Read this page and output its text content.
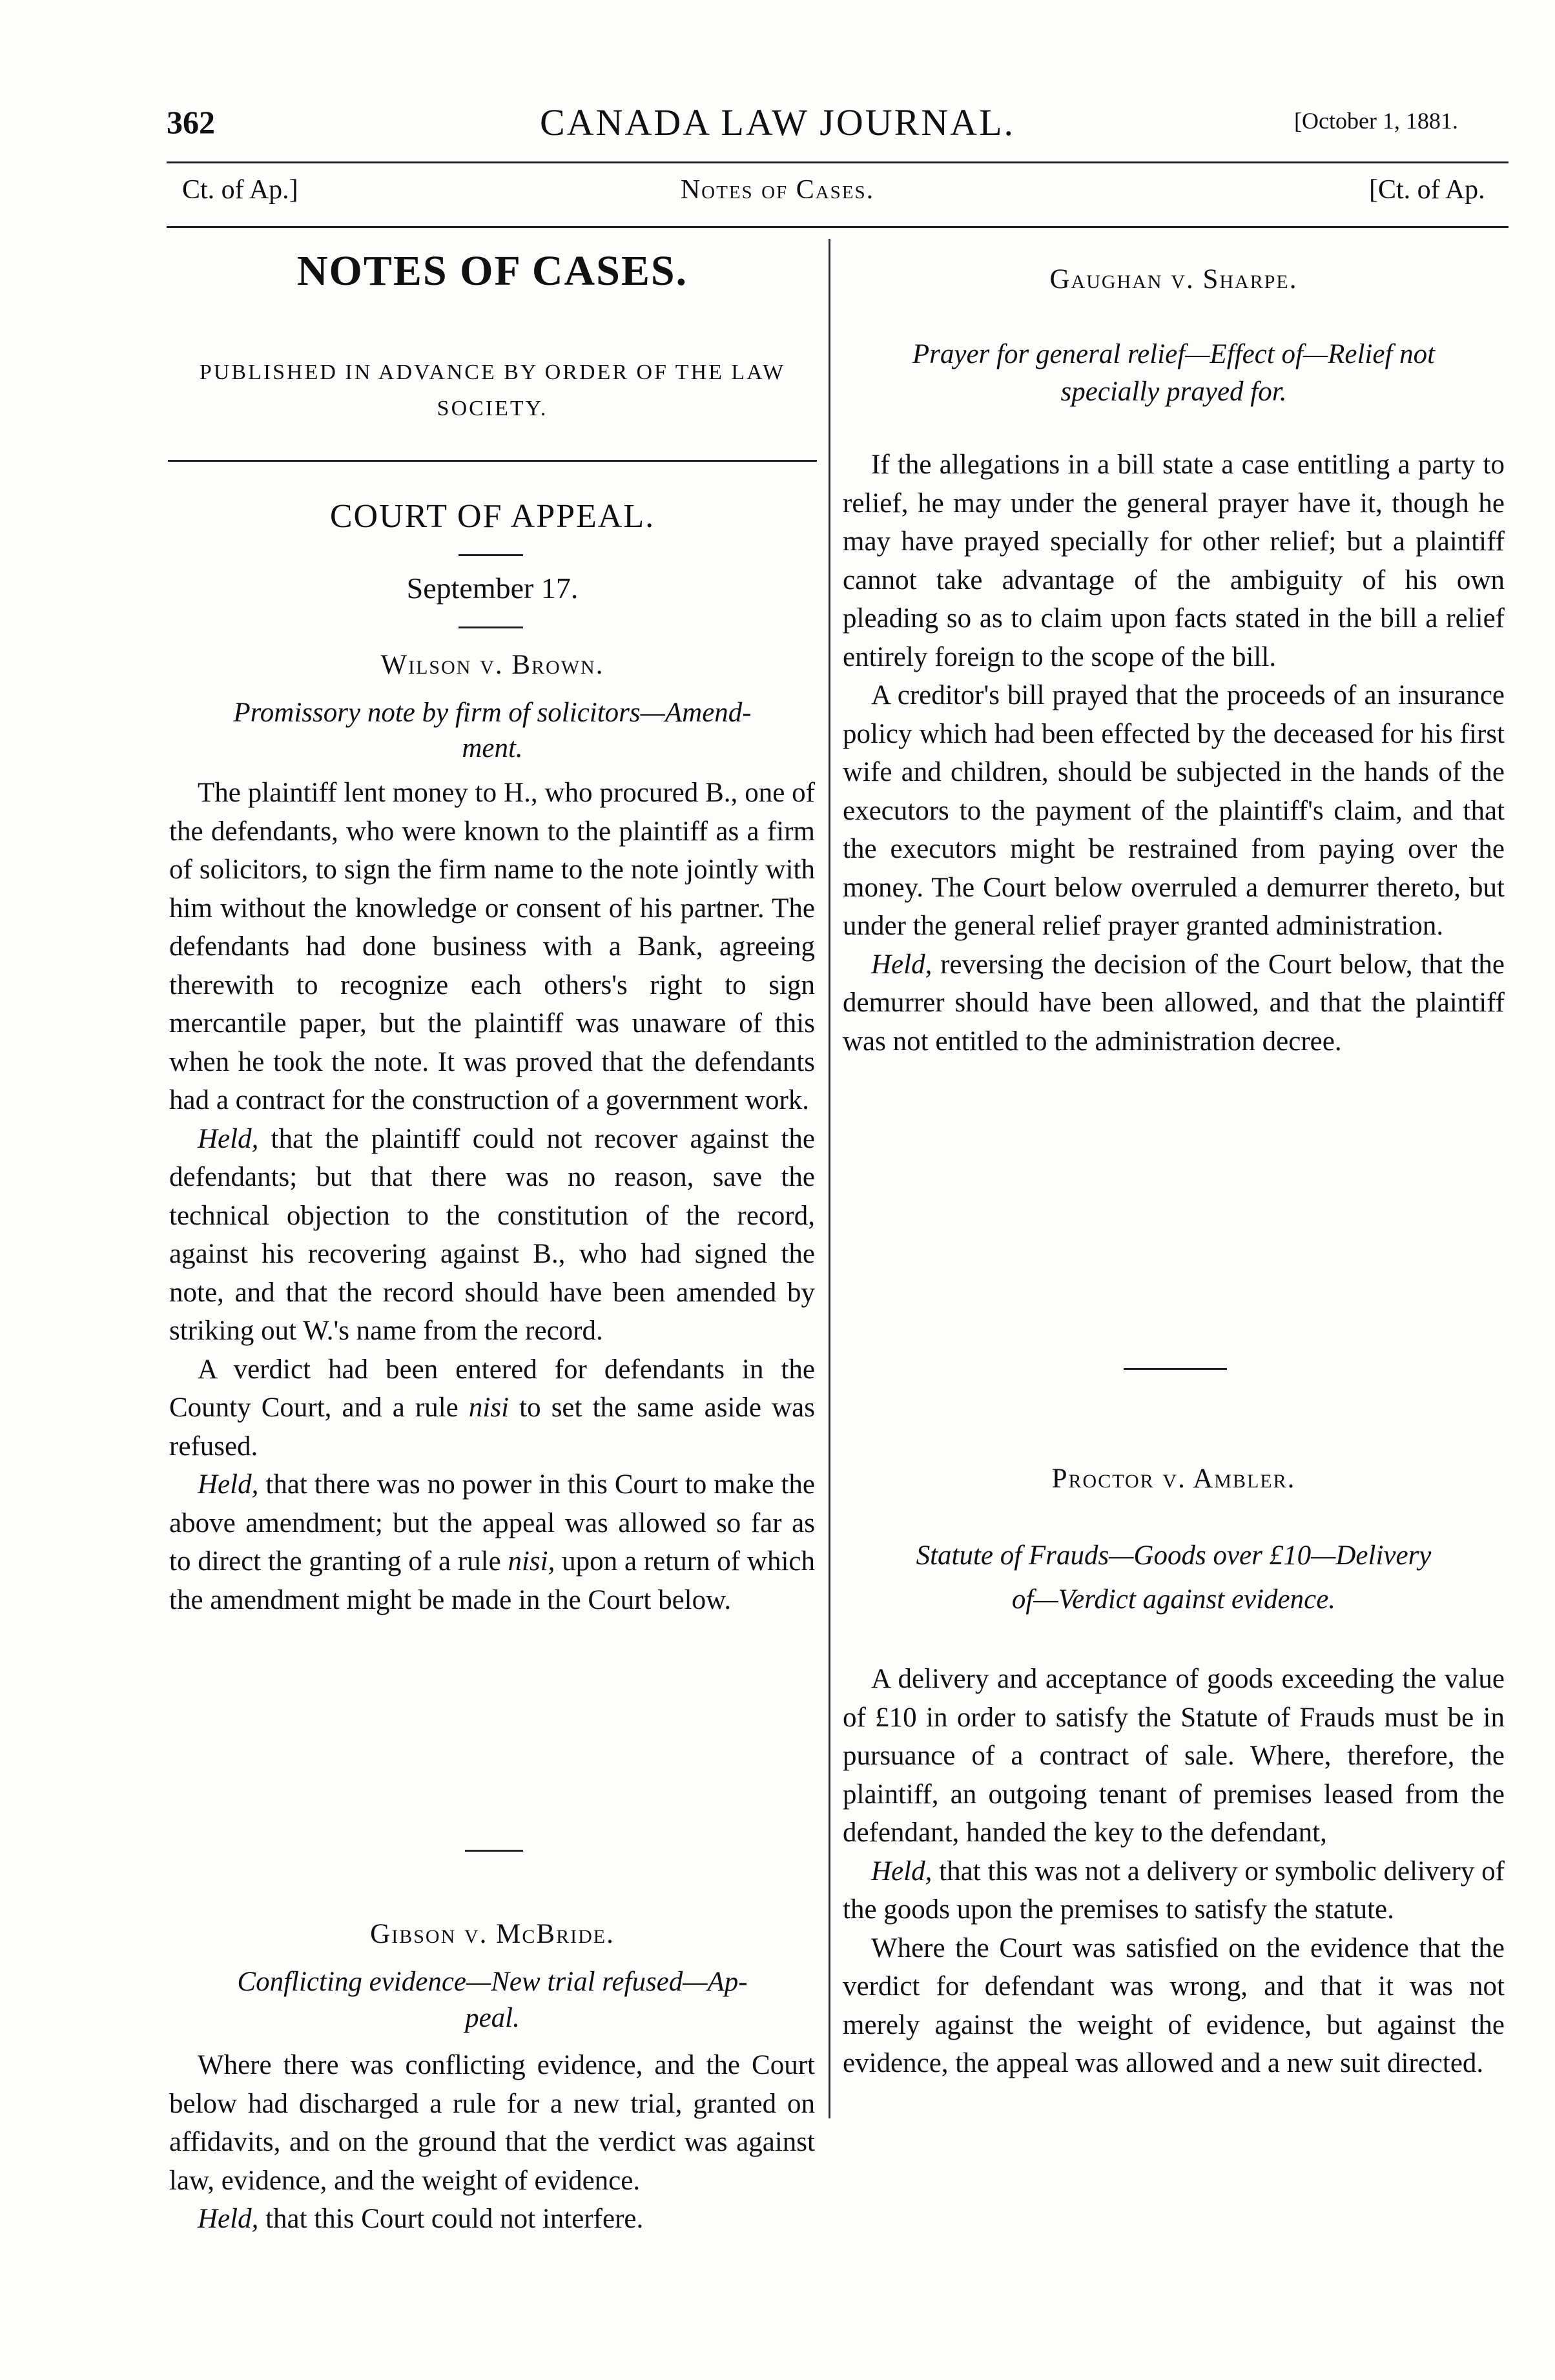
362	CANADA LAW JOURNAL.	[October 1, 1881.
Ct. of Ap.]	Notes of Cases.	[Ct. of Ap.
NOTES OF CASES.
PUBLISHED IN ADVANCE BY ORDER OF THE LAW
SOCIETY.
COURT OF APPEAL.
September 17.
Wilson v. Brown.
Promissory note by firm of solicitors—Amend-
ment.

The plaintiff lent money to H., who procured B., one of the defendants, who were known to the plaintiff as a firm of solicitors, to sign the firm name to the note jointly with him without the knowledge or consent of his partner. The defendants had done business with a Bank, agreeing therewith to recognize each others's right to sign mercantile paper, but the plaintiff was unaware of this when he took the note. It was proved that the defendants had a contract for the construction of a government work.

Held, that the plaintiff could not recover against the defendants; but that there was no reason, save the technical objection to the constitution of the record, against his recovering against B., who had signed the note, and that the record should have been amended by striking out W.'s name from the record.

A verdict had been entered for defendants in the County Court, and a rule nisi to set the same aside was refused.

Held, that there was no power in this Court to make the above amendment; but the appeal was allowed so far as to direct the granting of a rule nisi, upon a return of which the amendment might be made in the Court below.

Gibson v. McBride.
Conflicting evidence—New trial refused—Ap-
peal.

Where there was conflicting evidence, and the Court below had discharged a rule for a new trial, granted on affidavits, and on the ground that the verdict was against law, evidence, and the weight of evidence.

Held, that this Court could not interfere.

Gaughan v. Sharpe.
Prayer for general relief—Effect of—Relief not
specially prayed for.

If the allegations in a bill state a case entitling a party to relief, he may under the general prayer have it, though he may have prayed specially for other relief; but a plaintiff cannot take advantage of the ambiguity of his own pleading so as to claim upon facts stated in the bill a relief entirely foreign to the scope of the bill.

A creditor's bill prayed that the proceeds of an insurance policy which had been effected by the deceased for his first wife and children, should be subjected in the hands of the executors to the payment of the plaintiff's claim, and that the executors might be restrained from paying over the money. The Court below overruled a demurrer thereto, but under the general relief prayer granted administration.

Held, reversing the decision of the Court below, that the demurrer should have been allowed, and that the plaintiff was not entitled to the administration decree.

Proctor v. Ambler.
Statute of Frauds—Goods over £10—Delivery
of—Verdict against evidence.

A delivery and acceptance of goods exceeding the value of £10 in order to satisfy the Statute of Frauds must be in pursuance of a contract of sale. Where, therefore, the plaintiff, an outgoing tenant of premises leased from the defendant, handed the key to the defendant,

Held, that this was not a delivery or symbolic delivery of the goods upon the premises to satisfy the statute.

Where the Court was satisfied on the evidence that the verdict for defendant was wrong, and that it was not merely against the weight of evidence, but against the evidence, the appeal was allowed and a new suit directed.
